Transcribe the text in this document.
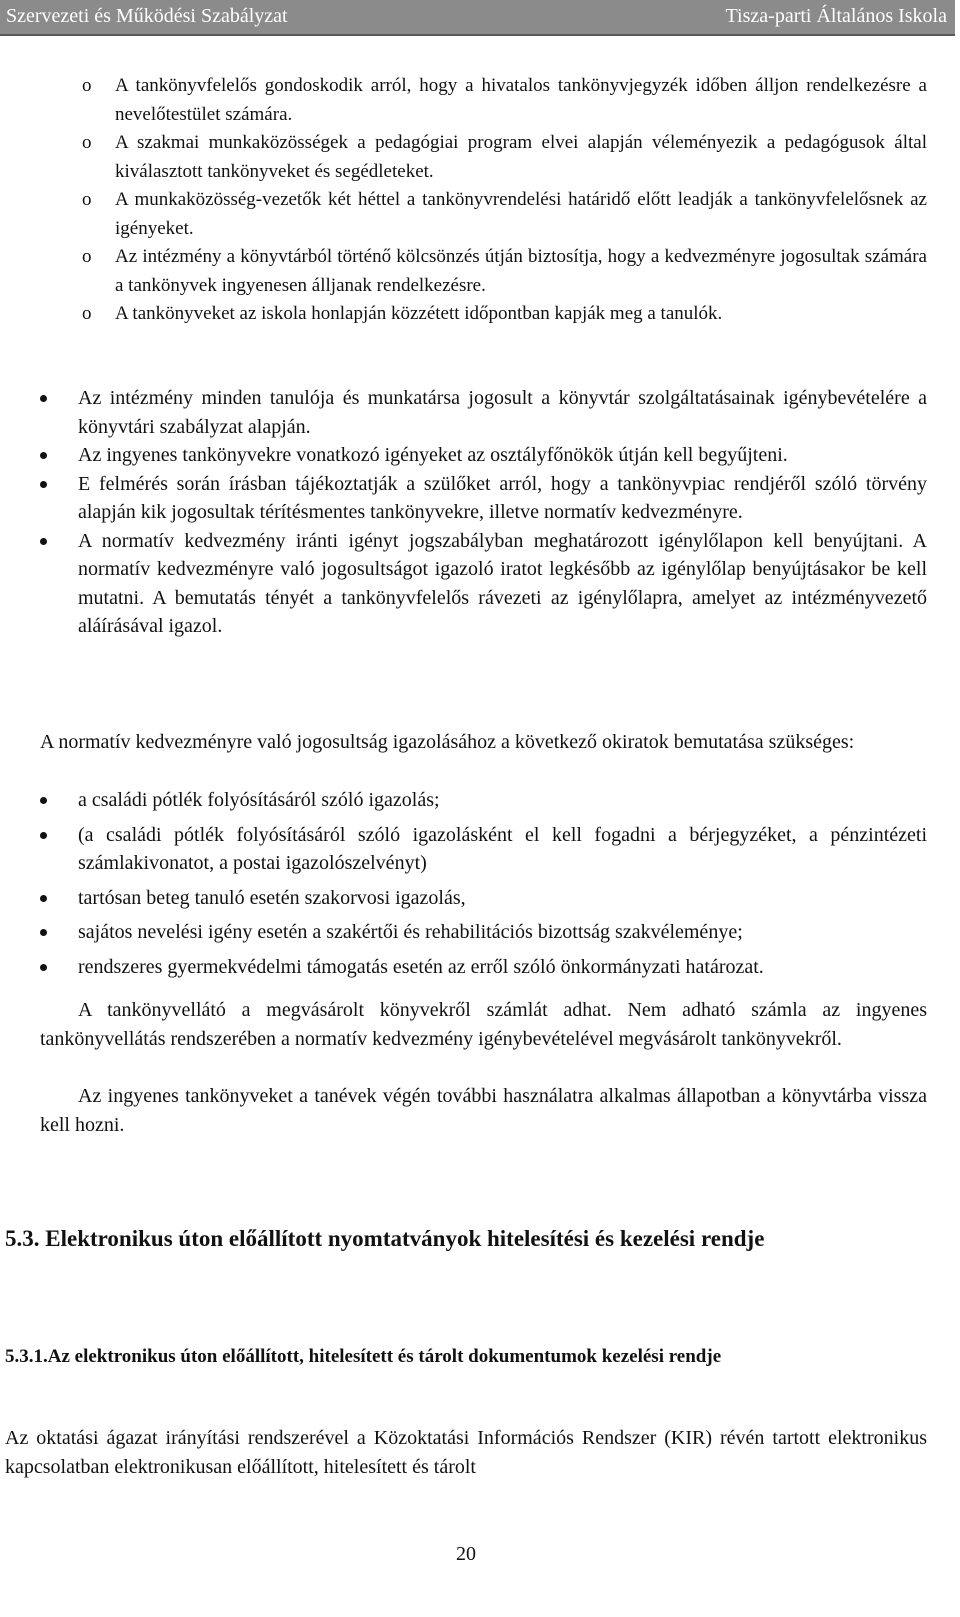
Szervezeti és Működési Szabályzat	Tisza-parti Általános Iskola
o A tankönyvfelelős gondoskodik arról, hogy a hivatalos tankönyvjegyzék időben álljon rendelkezésre a nevelőtestület számára.
o A szakmai munkaközösségek a pedagógiai program elvei alapján véleményezik a pedagógusok által kiválasztott tankönyveket és segédleteket.
o A munkaközösség-vezetők két héttel a tankönyvrendelési határidő előtt leadják a tankönyvfelelősnek az igényeket.
o Az intézmény a könyvtárból történő kölcsönzés útján biztosítja, hogy a kedvezményre jogosultak számára a tankönyvek ingyenesen álljanak rendelkezésre.
o A tankönyveket az iskola honlapján közzétett időpontban kapják meg a tanulók.
Az intézmény minden tanulója és munkatársa jogosult a könyvtár szolgáltatásainak igénybevételére a könyvtári szabályzat alapján.
Az ingyenes tankönyvekre vonatkozó igényeket az osztályfőnökök útján kell begyűjteni.
E felmérés során írásban tájékoztatják a szülőket arról, hogy a tankönyvpiac rendjéről szóló törvény alapján kik jogosultak térítésmentes tankönyvekre, illetve normatív kedvezményre.
A normatív kedvezmény iránti igényt jogszabályban meghatározott igénylőlapon kell benyújtani. A normatív kedvezményre való jogosultságot igazoló iratot legkésőbb az igénylőlap benyújtásakor be kell mutatni. A bemutatás tényét a tankönyvfelelős rávezeti az igénylőlapra, amelyet az intézményvezető aláírásával igazol.

A normatív kedvezményre való jogosultság igazolásához a következő okiratok bemutatása szükséges:

a családi pótlék folyósításáról szóló igazolás;
(a családi pótlék folyósításáról szóló igazolásként el kell fogadni a bérjegyzéket, a pénzintézeti számlakivonatot, a postai igazolószelvényt)
tartósan beteg tanuló esetén szakorvosi igazolás,
sajátos nevelési igény esetén a szakértői és rehabilitációs bizottság szakvéleménye;
rendszeres gyermekvédelmi támogatás esetén az erről szóló önkormányzati határozat.

A tankönyvellátó a megvásárolt könyvekről számlát adhat. Nem adható számla az ingyenes tankönyvellátás rendszerében a normatív kedvezmény igénybevételével megvásárolt tankönyvekről.

Az ingyenes tankönyveket a tanévek végén további használatra alkalmas állapotban a könyvtárba vissza kell hozni.

5.3. Elektronikus úton előállított nyomtatványok hitelesítési és kezelési rendje
5.3.1.Az elektronikus úton előállított, hitelesített és tárolt dokumentumok kezelési rendje

Az oktatási ágazat irányítási rendszerével a Közoktatási Információs Rendszer (KIR) révén tartott elektronikus kapcsolatban elektronikusan előállított, hitelesített és tárolt

20
